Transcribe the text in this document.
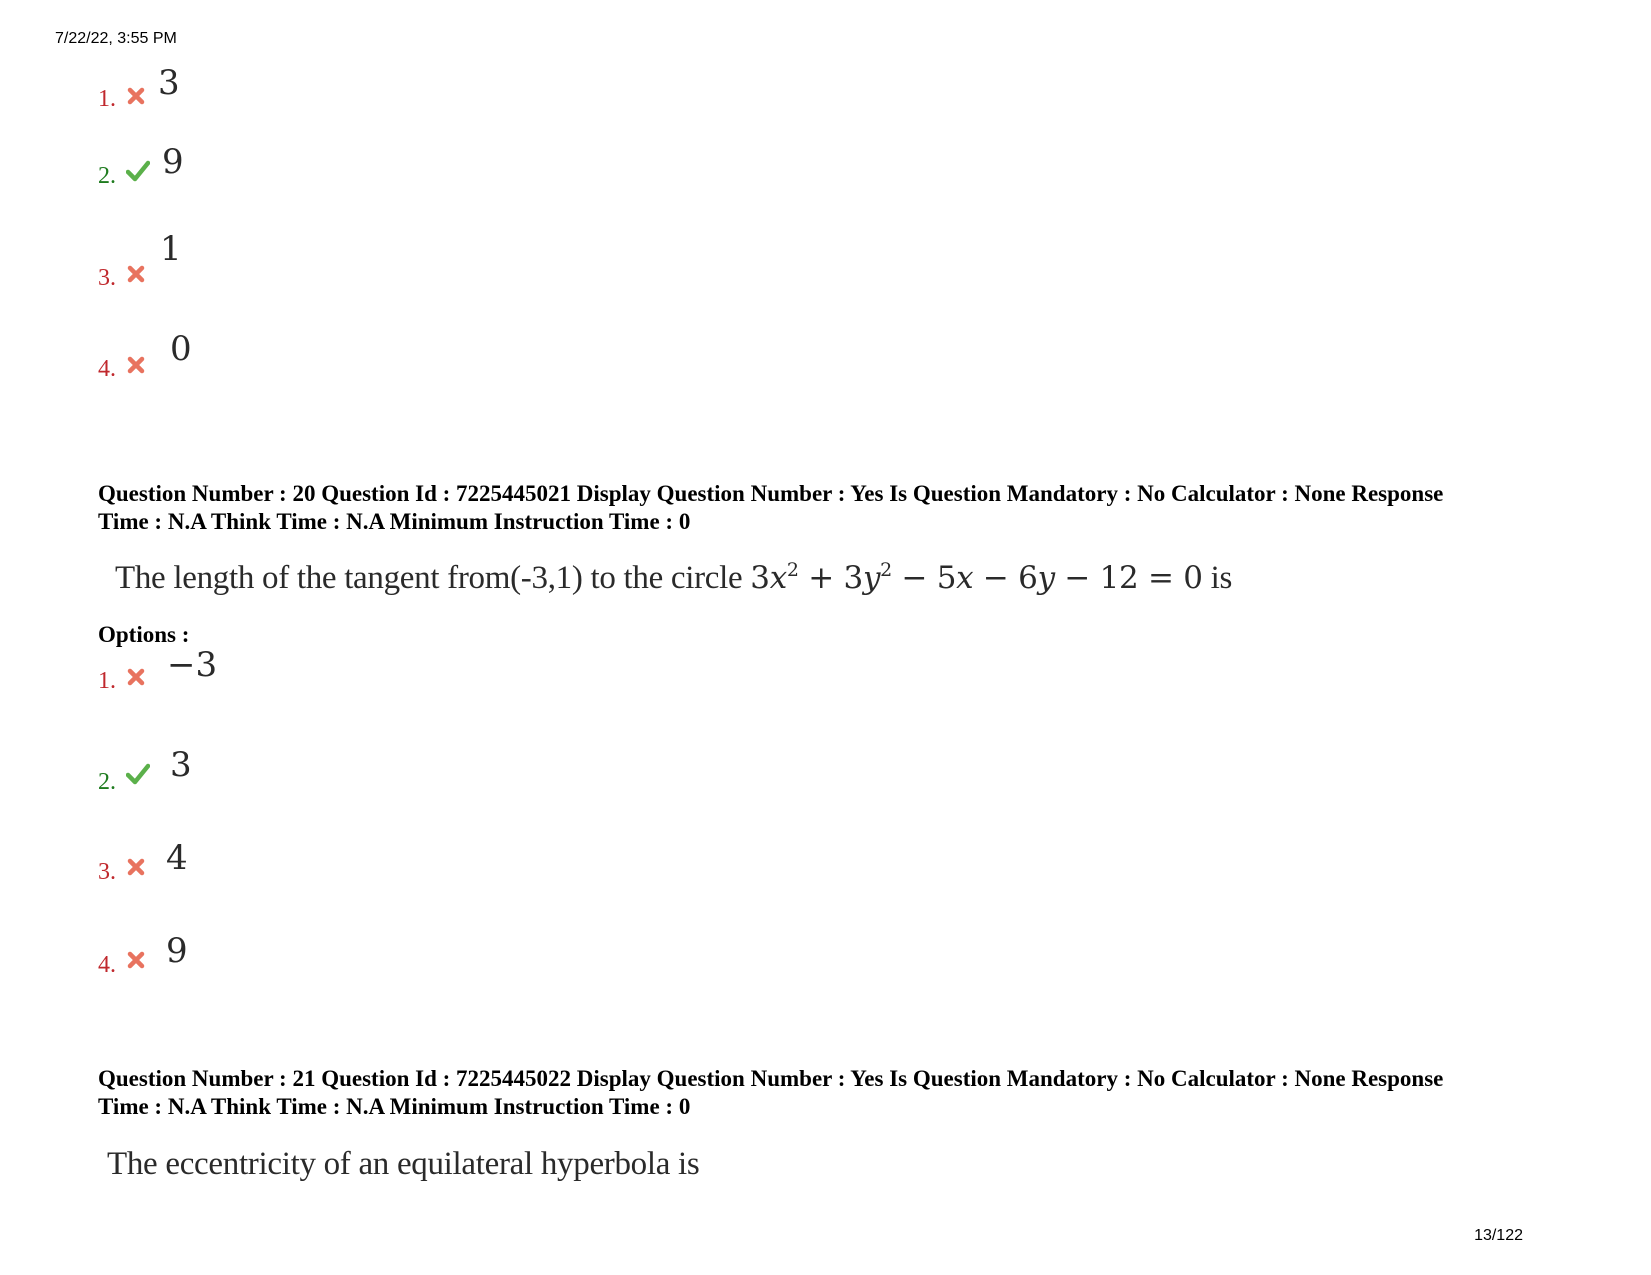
7/22/22, 3:55 PM
13/122
1. 3
2. 9
3.
1
4. 0
Question Number : 20 Question Id : 7225445021 Display Question Number : Yes Is Question Mandatory : No Calculator : None Response
Time : N.A Think Time : N.A Minimum Instruction Time : 0
The length of the tangent from(-3,1) to the circle $3x^2 + 3y^2 - 5x - 6y - 12 = 0$ is
Options :
1. −3
2. 3
3. 4
4. 9
Question Number : 21 Question Id : 7225445022 Display Question Number : Yes Is Question Mandatory : No Calculator : None Response
Time : N.A Think Time : N.A Minimum Instruction Time : 0
The eccentricity of an equilateral hyperbola is
